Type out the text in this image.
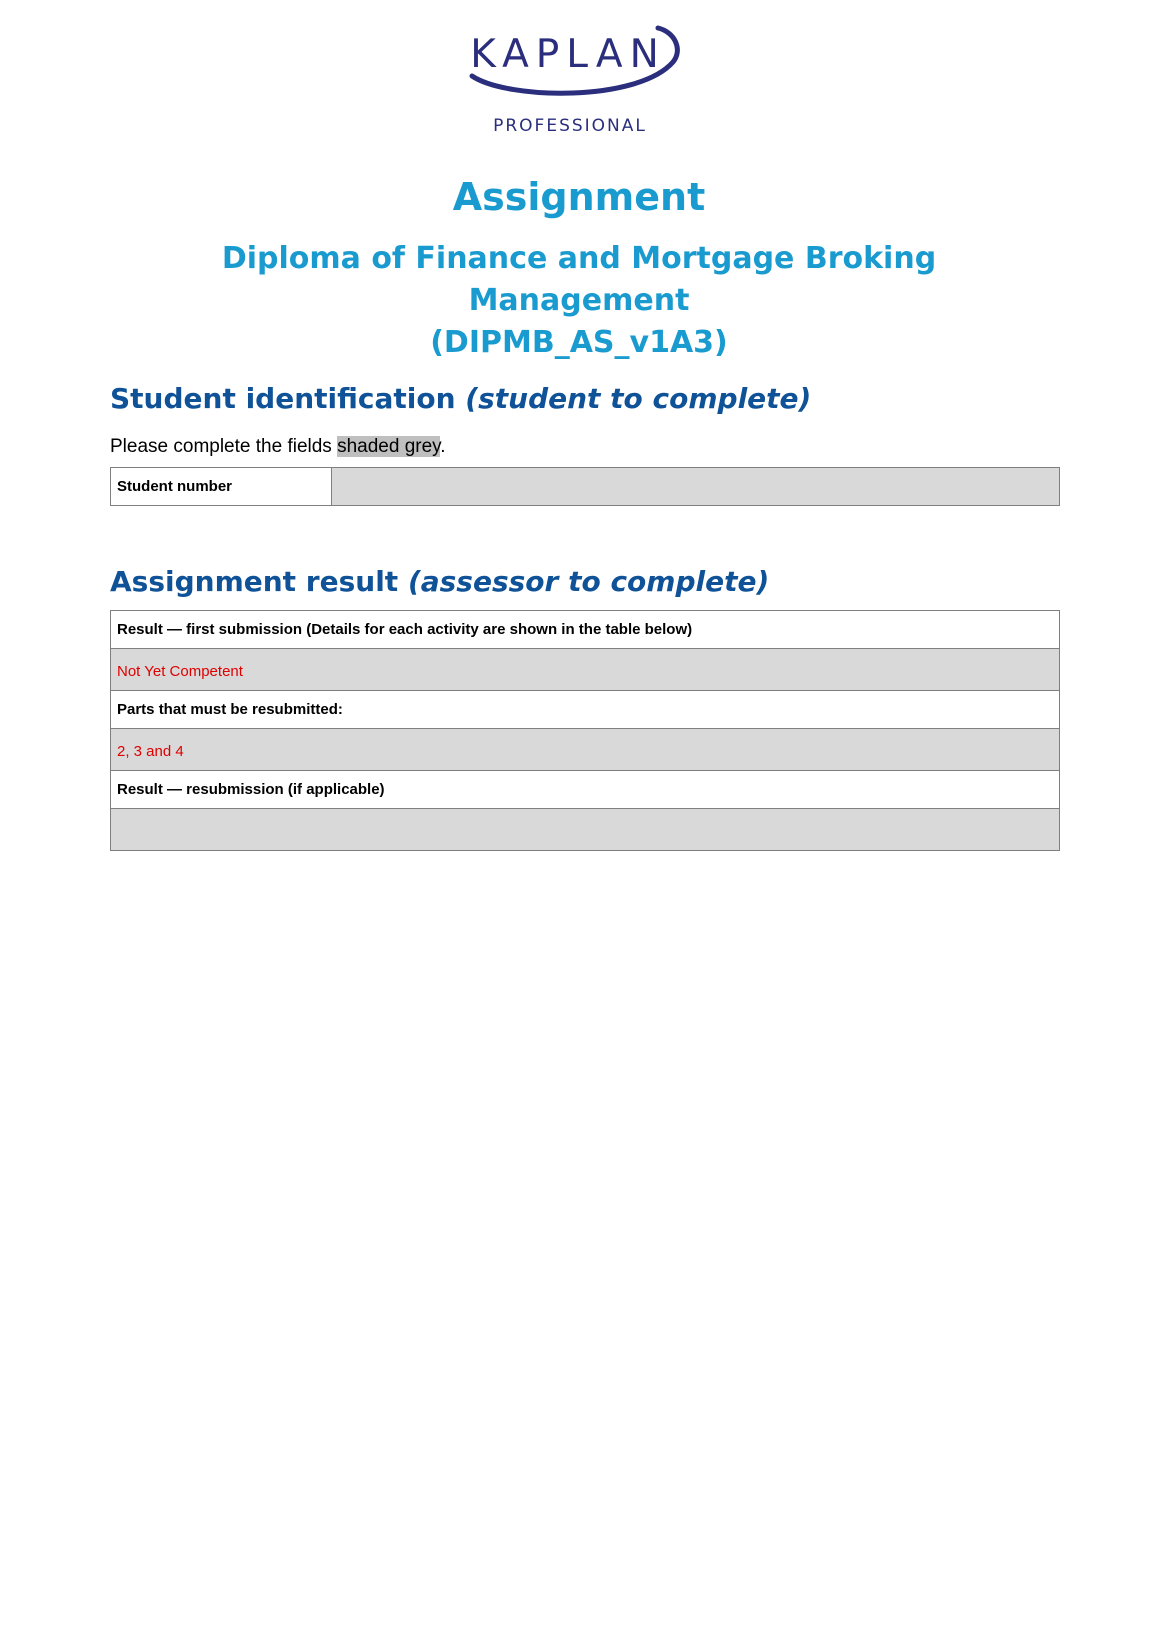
KAPLAN
PROFESSIONAL
Assignment
Diploma of Finance and Mortgage Broking Management
(DIPMB_AS_v1A3)
Student identification (student to complete)
Please complete the fields shaded grey.
Student number	
Assignment result (assessor to complete)
Result — first submission (Details for each activity are shown in the table below)
Not Yet Competent
Parts that must be resubmitted:
2, 3 and 4
Result — resubmission (if applicable)
